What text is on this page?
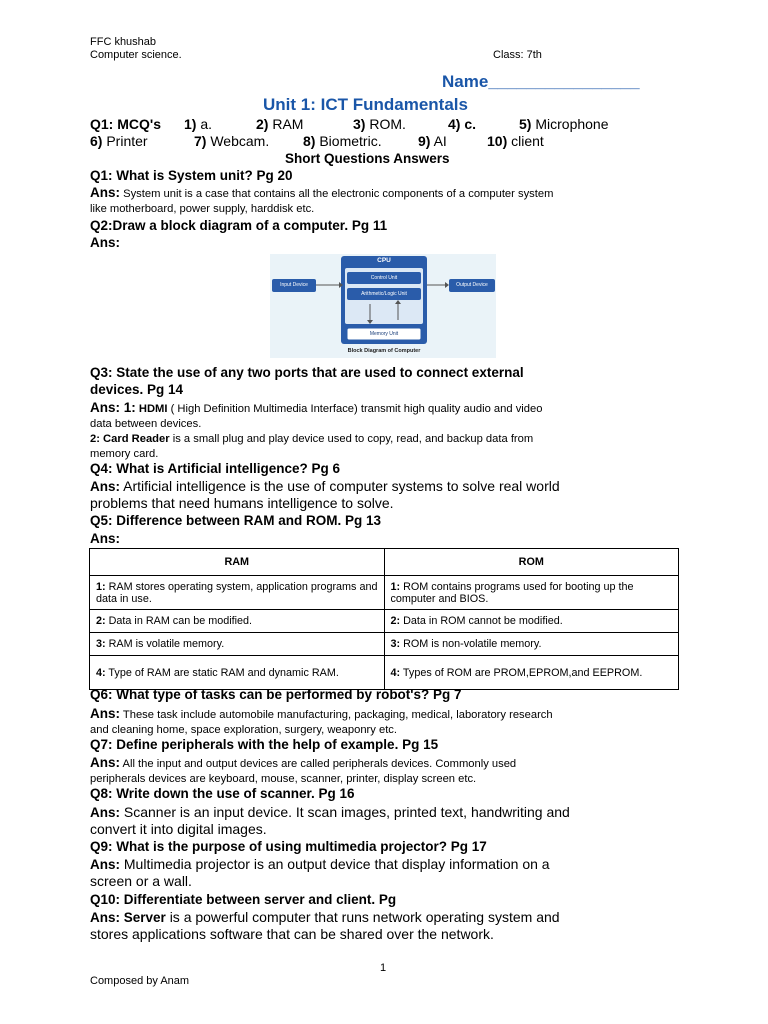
FFC khushab
Computer science.	Class: 7th
Name________________
Unit 1: ICT Fundamentals
Q1: MCQ's 1) a.	2) RAM	3) ROM.	4) c.	5) Microphone
6) Printer	7) Webcam. 8) Biometric.	9) AI	10) client
Short Questions Answers
Q1: What is System unit? Pg 20
Ans: System unit is a case that contains all the electronic components of a computer system
like motherboard, power supply, harddisk etc.
Q2:Draw a block diagram of a computer. Pg 11
Ans:
CPU
Control Unit
Arithmetic/Logic Unit
Memory Unit
Input Device	Output Device
Block Diagram of Computer
Q3: State the use of any two ports that are used to connect external
devices. Pg 14
Ans: 1: HDMI ( High Definition Multimedia Interface) transmit high quality audio and video
data between devices.
2: Card Reader is a small plug and play device used to copy, read, and backup data from
memory card.
Q4: What is Artificial intelligence? Pg 6
Ans: Artificial intelligence is the use of computer systems to solve real world
problems that need humans intelligence to solve.
Q5: Difference between RAM and ROM. Pg 13
Ans:
RAM	ROM
1: RAM stores operating system, application programs and data in use.	1: ROM contains programs used for booting up the computer and BIOS.
2: Data in RAM can be modified.	2: Data in ROM cannot be modified.
3: RAM is volatile memory.	3: ROM is non-volatile memory.
4: Type of RAM are static RAM and dynamic RAM.	4: Types of ROM are PROM,EPROM,and EEPROM.
Q6: What type of tasks can be performed by robot's? Pg 7
Ans: These task include automobile manufacturing, packaging, medical, laboratory research
and cleaning home, space exploration, surgery, weaponry etc.
Q7: Define peripherals with the help of example. Pg 15
Ans: All the input and output devices are called peripherals devices. Commonly used
peripherals devices are keyboard, mouse, scanner, printer, display screen etc.
Q8: Write down the use of scanner. Pg 16
Ans: Scanner is an input device. It scan images, printed text, handwriting and
convert it into digital images.
Q9: What is the purpose of using multimedia projector? Pg 17
Ans: Multimedia projector is an output device that display information on a
screen or a wall.
Q10: Differentiate between server and client. Pg
Ans: Server is a powerful computer that runs network operating system and
stores applications software that can be shared over the network.
1
Composed by Anam
